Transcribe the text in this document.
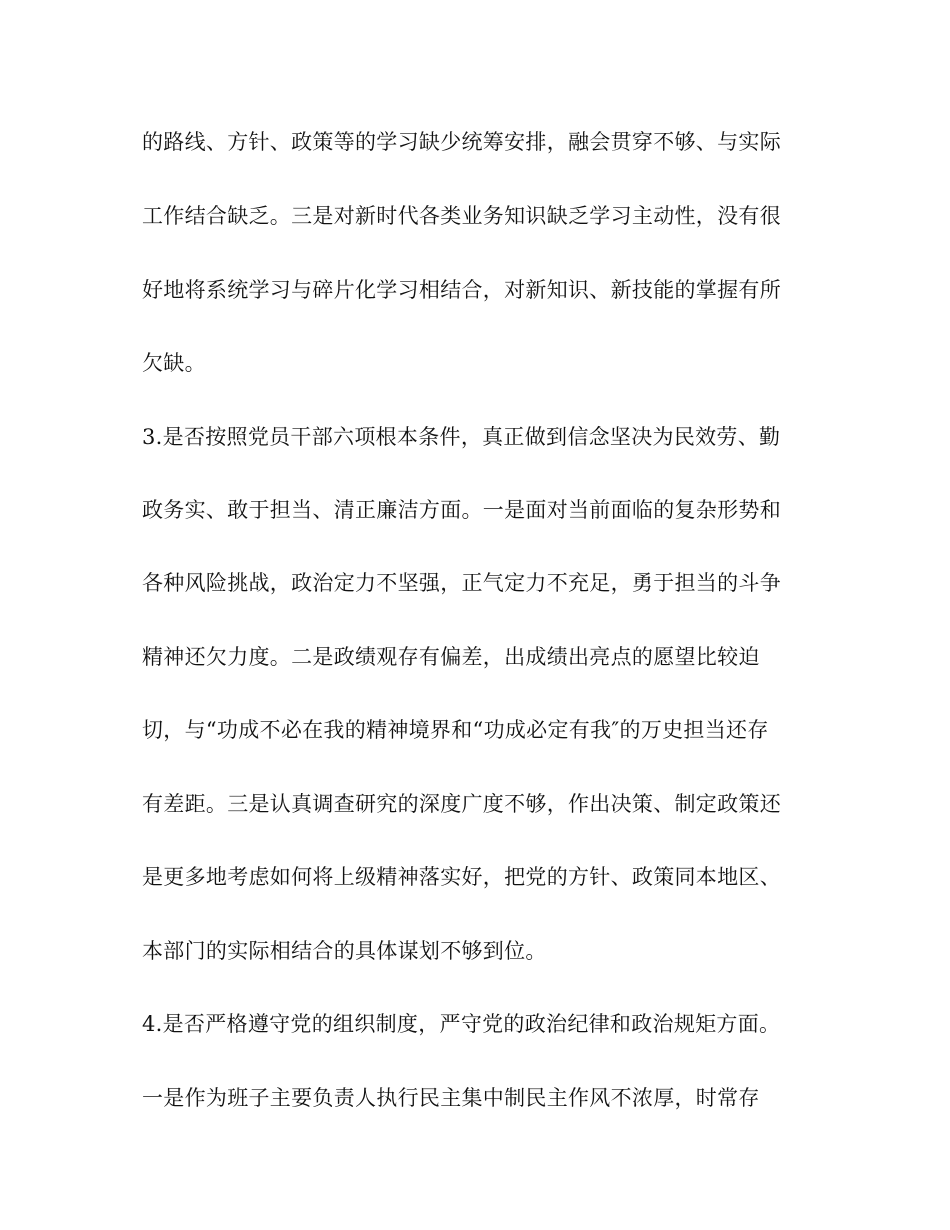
的路线、方针、政策等的学习缺少统筹安排，融会贯穿不够、与实际
工作结合缺乏。三是对新时代各类业务知识缺乏学习主动性，没有很
好地将系统学习与碎片化学习相结合，对新知识、新技能的掌握有所
欠缺。
3.是否按照党员干部六项根本条件，真正做到信念坚决为民效劳、勤
政务实、敢于担当、清正廉洁方面。一是面对当前面临的复杂形势和
各种风险挑战，政治定力不坚强，正气定力不充足，勇于担当的斗争
精神还欠力度。二是政绩观存有偏差，出成绩出亮点的愿望比较迫
切，与“功成不必在我的精神境界和“功成必定有我″的万史担当还存
有差距。三是认真调查研究的深度广度不够，作出决策、制定政策还
是更多地考虑如何将上级精神落实好，把党的方针、政策同本地区、
本部门的实际相结合的具体谋划不够到位。
4.是否严格遵守党的组织制度，严守党的政治纪律和政治规矩方面。
一是作为班子主要负责人执行民主集中制民主作风不浓厚，时常存
